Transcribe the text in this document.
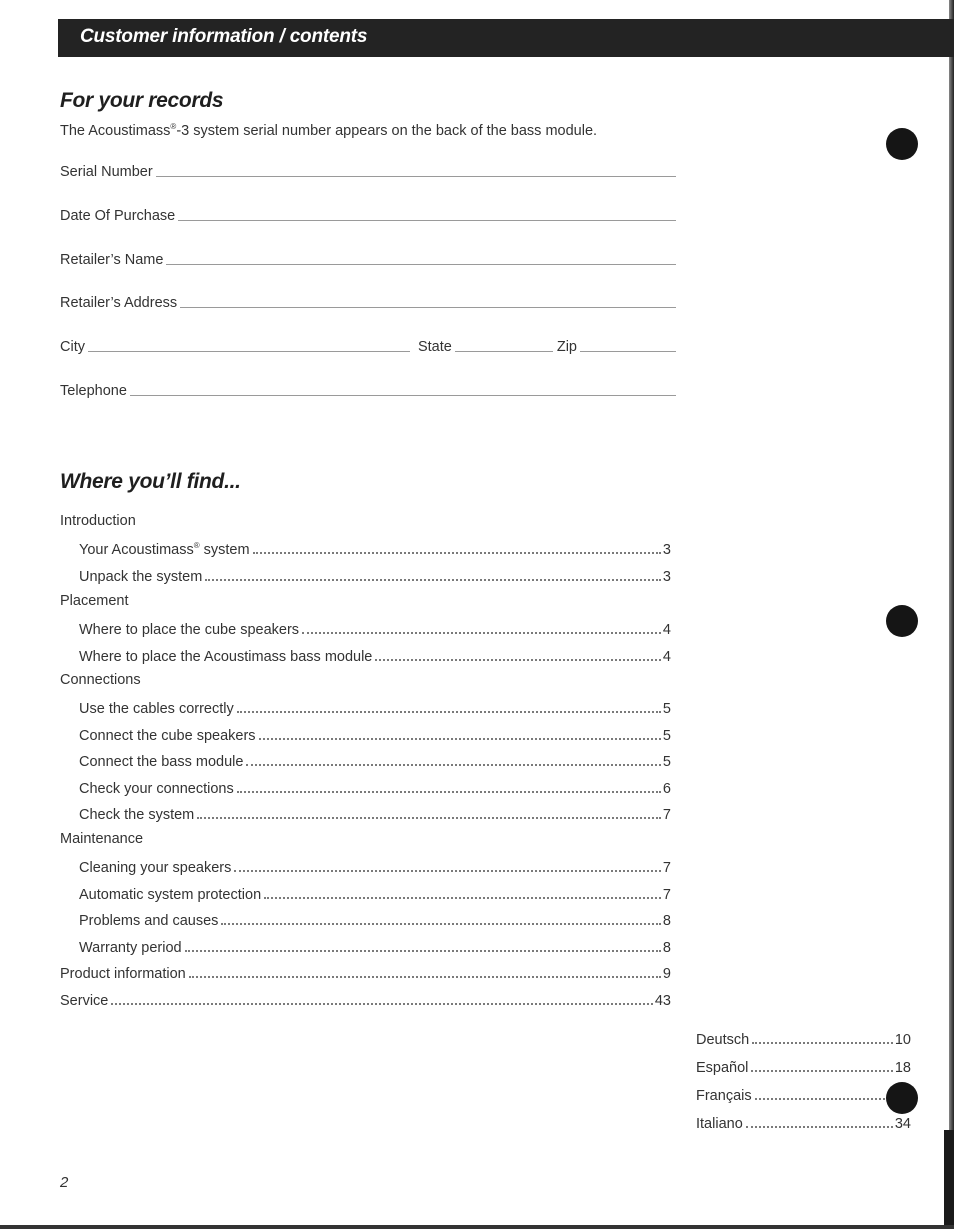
Customer information / contents
For your records
The Acoustimass®-3 system serial number appears on the back of the bass module.
Serial Number
Date Of Purchase
Retailer’s Name
Retailer’s Address
City	State	Zip
Telephone
Where you’ll find...
Introduction
Your Acoustimass® system	3
Unpack the system	3
Placement
Where to place the cube speakers	4
Where to place the Acoustimass bass module	4
Connections
Use the cables correctly	5
Connect the cube speakers	5
Connect the bass module	5
Check your connections	6
Check the system	7
Maintenance
Cleaning your speakers	7
Automatic system protection	7
Problems and causes	8
Warranty period	8
Product information	9
Service	43
Deutsch	10
Español	18
Français
Italiano	34
2
